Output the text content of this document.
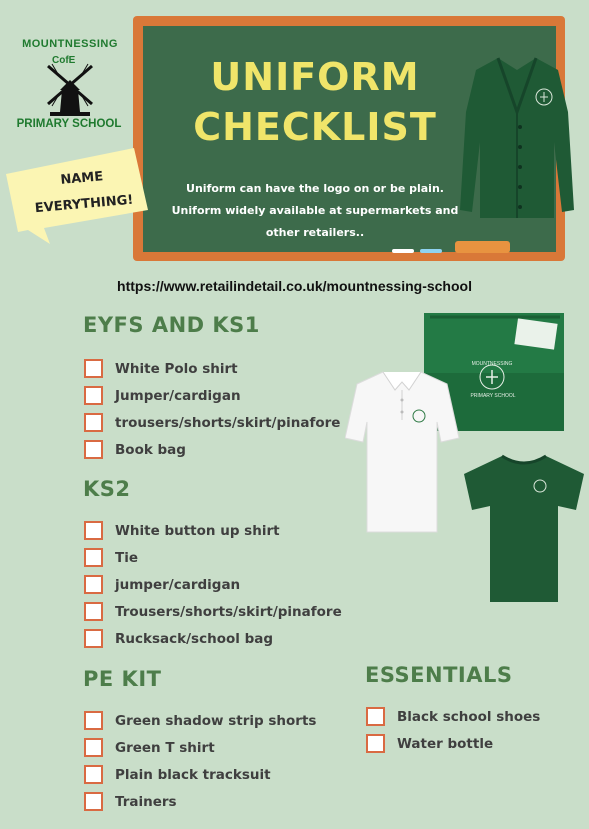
MOUNTNESSING
CofE
PRIMARY SCHOOL
UNIFORM
CHECKLIST
Uniform can have the logo on or be plain.
Uniform widely available at supermarkets and
other retailers..
NAME
EVERYTHING!
https://www.retailindetail.co.uk/mountnessing-school
MOUNTNESSING
PRIMARY SCHOOL
EYFS AND KS1
White Polo shirt
Jumper/cardigan
trousers/shorts/skirt/pinafore
Book bag
KS2
White button up shirt
Tie
jumper/cardigan
Trousers/shorts/skirt/pinafore
Rucksack/school bag
PE KIT
Green shadow strip shorts
Green T shirt
Plain black tracksuit
Trainers
ESSENTIALS
Black school shoes
Water bottle
